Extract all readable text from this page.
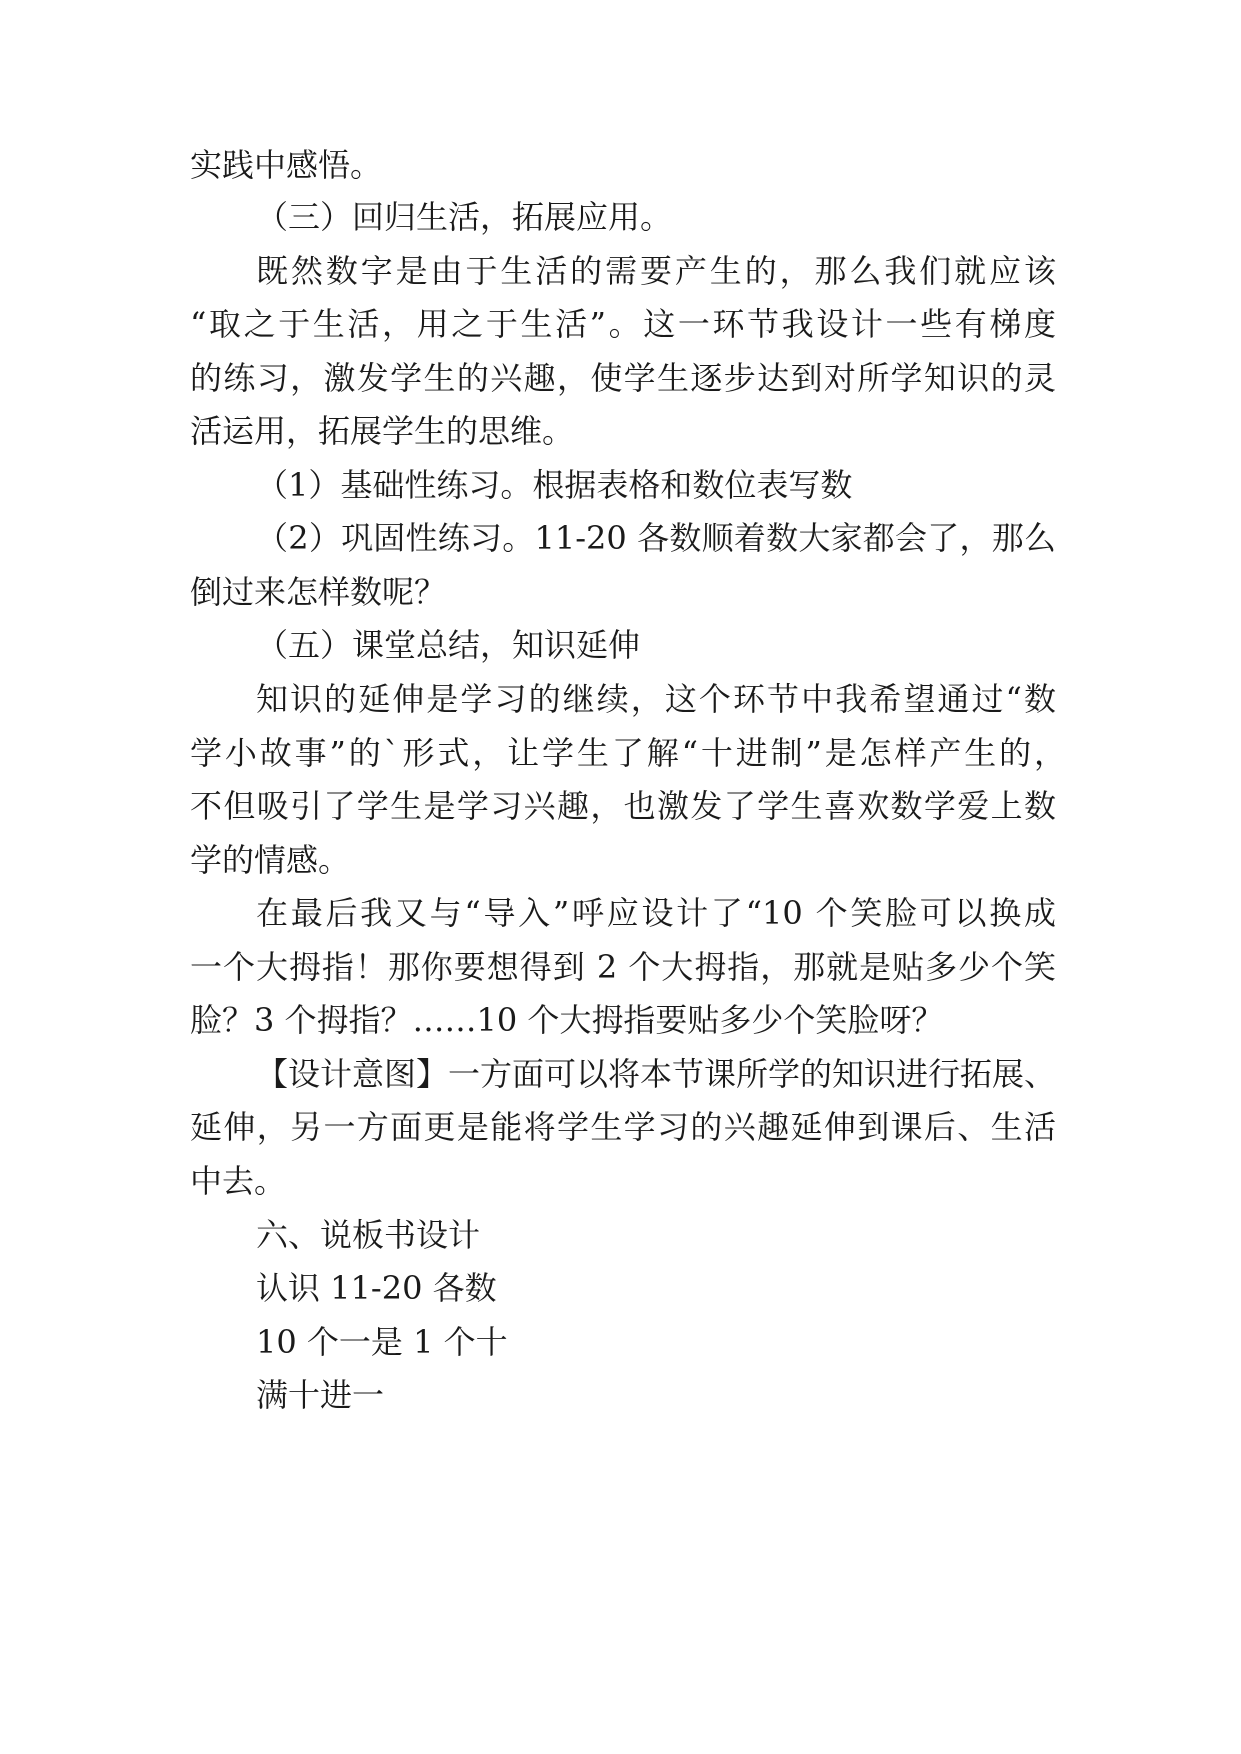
实践中感悟。

（三）回归生活，拓展应用。

既然数字是由于生活的需要产生的，那么我们就应该

“取之于生活，用之于生活”。这一环节我设计一些有梯度

的练习，激发学生的兴趣，使学生逐步达到对所学知识的灵

活运用，拓展学生的思维。

（1）基础性练习。根据表格和数位表写数

（2）巩固性练习。11-20 各数顺着数大家都会了，那么

倒过来怎样数呢？

（五）课堂总结，知识延伸

知识的延伸是学习的继续，这个环节中我希望通过“数

学小故事”的`形式，让学生了解“十进制”是怎样产生的，

不但吸引了学生是学习兴趣，也激发了学生喜欢数学爱上数

学的情感。

在最后我又与“导入”呼应设计了“10 个笑脸可以换成

一个大拇指！那你要想得到 2 个大拇指，那就是贴多少个笑

脸？3 个拇指？……10 个大拇指要贴多少个笑脸呀？

【设计意图】一方面可以将本节课所学的知识进行拓展、

延伸，另一方面更是能将学生学习的兴趣延伸到课后、生活

中去。

六、说板书设计

认识 11-20 各数

10 个一是 1 个十

满十进一
